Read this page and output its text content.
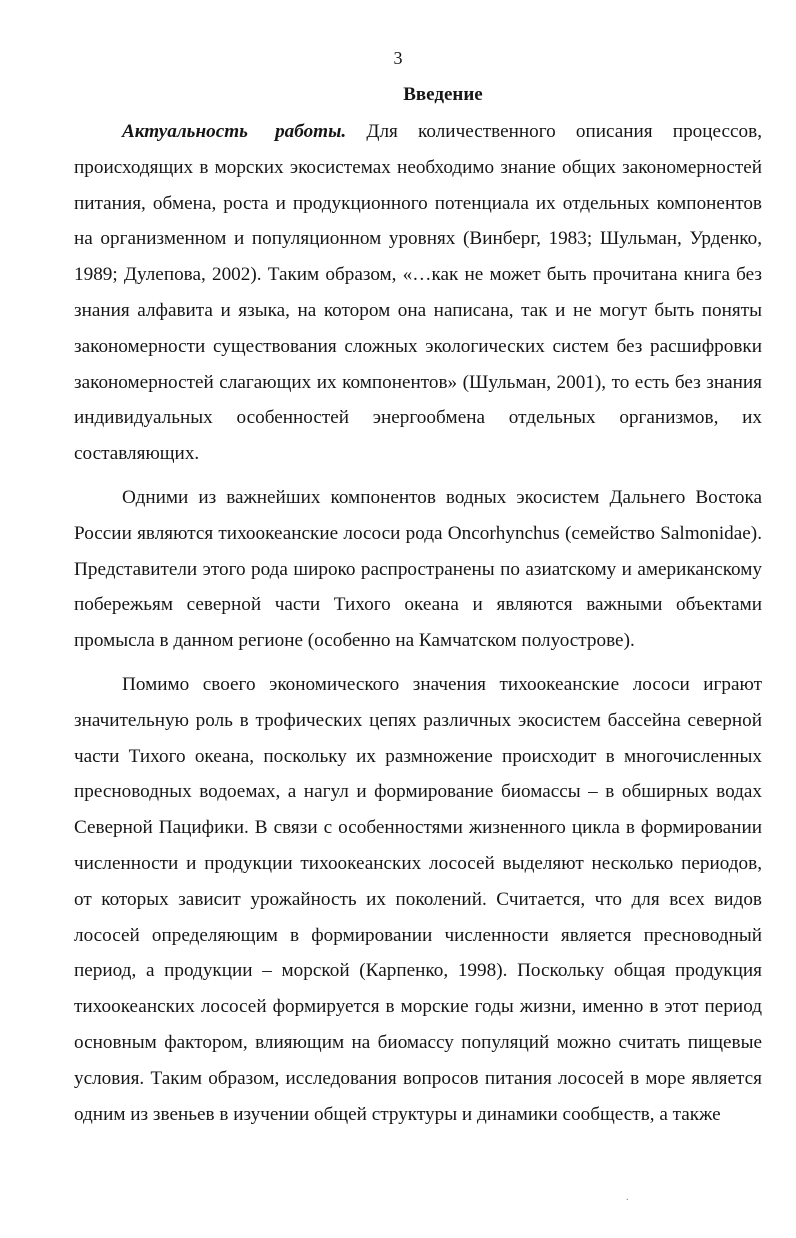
3
Введение

Актуальность работы. Для количественного описания процессов, происходящих в морских экосистемах необходимо знание общих закономерностей питания, обмена, роста и продукционного потенциала их отдельных компонентов на организменном и популяционном уровнях (Винберг, 1983; Шульман, Урденко, 1989; Дулепова, 2002). Таким образом, «…как не может быть прочитана книга без знания алфавита и языка, на котором она написана, так и не могут быть поняты закономерности существования сложных экологических систем без расшифровки закономерностей слагающих их компонентов» (Шульман, 2001), то есть без знания индивидуальных особенностей энергообмена отдельных организмов, их составляющих.

Одними из важнейших компонентов водных экосистем Дальнего Востока России являются тихоокеанские лососи рода Oncorhynchus (семейство Salmonidae). Представители этого рода широко распространены по азиатскому и американскому побережьям северной части Тихого океана и являются важными объектами промысла в данном регионе (особенно на Камчатском полуострове).

Помимо своего экономического значения тихоокеанские лососи играют значительную роль в трофических цепях различных экосистем бассейна северной части Тихого океана, поскольку их размножение происходит в многочисленных пресноводных водоемах, а нагул и формирование биомассы – в обширных водах Северной Пацифики. В связи с особенностями жизненного цикла в формировании численности и продукции тихоокеанских лососей выделяют несколько периодов, от которых зависит урожайность их поколений. Считается, что для всех видов лососей определяющим в формировании численности является пресноводный период, а продукции – морской (Карпенко, 1998). Поскольку общая продукция тихоокеанских лососей формируется в морские годы жизни, именно в этот период основным фактором, влияющим на биомассу популяций можно считать пищевые условия. Таким образом, исследования вопросов питания лососей в море является одним из звеньев в изучении общей структуры и динамики сообществ, а также

.
